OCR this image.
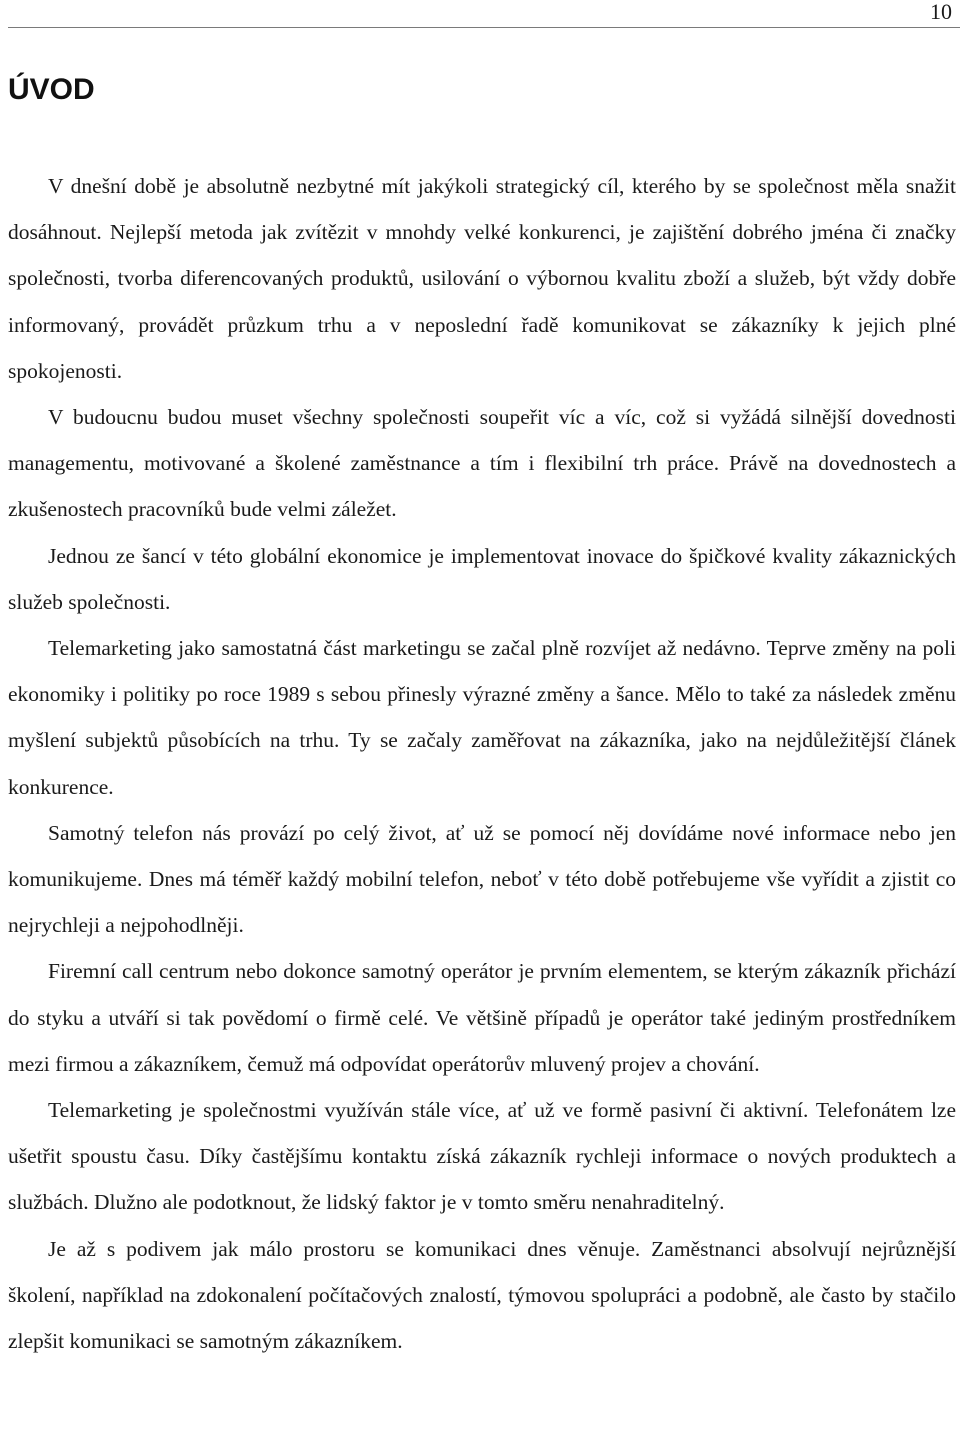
10
ÚVOD

V dnešní době je absolutně nezbytné mít jakýkoli strategický cíl, kterého by se společnost měla snažit dosáhnout. Nejlepší metoda jak zvítězit v mnohdy velké konkurenci, je zajištění dobrého jména či značky společnosti, tvorba diferencovaných produktů, usilování o výbornou kvalitu zboží a služeb, být vždy dobře informovaný, provádět průzkum trhu a v neposlední řadě komunikovat se zákazníky k jejich plné spokojenosti.

V budoucnu budou muset všechny společnosti soupeřit víc a víc, což si vyžádá silnější dovednosti managementu, motivované a školené zaměstnance a tím i flexibilní trh práce. Právě na dovednostech a zkušenostech pracovníků bude velmi záležet.

Jednou ze šancí v této globální ekonomice je implementovat inovace do špičkové kvality zákaznických služeb společnosti.

Telemarketing jako samostatná část marketingu se začal plně rozvíjet až nedávno. Teprve změny na poli ekonomiky i politiky po roce 1989 s sebou přinesly výrazné změny a šance. Mělo to také za následek změnu myšlení subjektů působících na trhu. Ty se začaly zaměřovat na zákazníka, jako na nejdůležitější článek konkurence.

Samotný telefon nás provází po celý život, ať už se pomocí něj dovídáme nové informace nebo jen komunikujeme. Dnes má téměř každý mobilní telefon, neboť v této době potřebujeme vše vyřídit a zjistit co nejrychleji a nejpohodlněji.

Firemní call centrum nebo dokonce samotný operátor je prvním elementem, se kterým zákazník přichází do styku a utváří si tak povědomí o firmě celé. Ve většině případů je operátor také jediným prostředníkem mezi firmou a zákazníkem, čemuž má odpovídat operátorův mluvený projev a chování.

Telemarketing je společnostmi využíván stále více, ať už ve formě pasivní či aktivní. Telefonátem lze ušetřit spoustu času. Díky častějšímu kontaktu získá zákazník rychleji informace o nových produktech a službách. Dlužno ale podotknout, že lidský faktor je v tomto směru nenahraditelný.

Je až s podivem jak málo prostoru se komunikaci dnes věnuje. Zaměstnanci absolvují nejrůznější školení, například na zdokonalení počítačových znalostí, týmovou spolupráci a podobně, ale často by stačilo zlepšit komunikaci se samotným zákazníkem.
